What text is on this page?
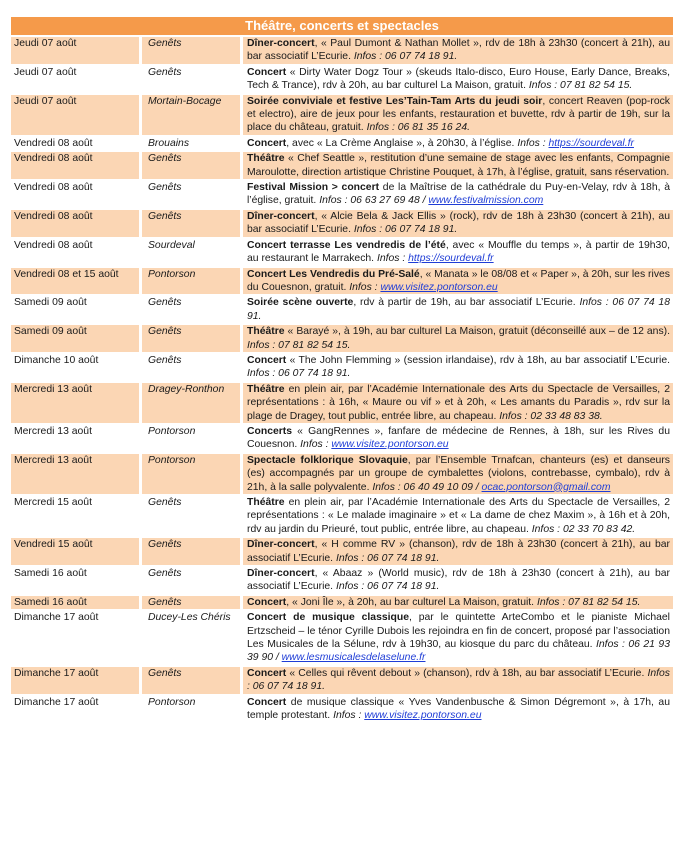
Théâtre, concerts et spectacles
Jeudi 07 août	Genêts	Dîner-concert, « Paul Dumont & Nathan Mollet », rdv de 18h à 23h30 (concert à 21h), au bar associatif L’Ecurie. Infos : 06 07 74 18 91.
Jeudi 07 août	Genêts	Concert « Dirty Water Dogz Tour » (skeuds Italo-disco, Euro House, Early Dance, Breaks, Tech & Trance), rdv à 20h, au bar culturel La Maison, gratuit. Infos : 07 81 82 54 15.
Jeudi 07 août	Mortain-Bocage	Soirée conviviale et festive Les’Tain-Tam Arts du jeudi soir, concert Reaven (pop-rock et electro), aire de jeux pour les enfants, restauration et buvette, rdv à partir de 19h, sur la place du château, gratuit. Infos : 06 81 35 16 24.
Vendredi 08 août	Brouains	Concert, avec « La Crème Anglaise », à 20h30, à l’église. Infos : https://sourdeval.fr
Vendredi 08 août	Genêts	Théâtre « Chef Seattle », restitution d’une semaine de stage avec les enfants, Compagnie Maroulotte, direction artistique Christine Pouquet, à 17h, à l’église, gratuit, sans réservation.
Vendredi 08 août	Genêts	Festival Mission > concert de la Maîtrise de la cathédrale du Puy-en-Velay, rdv à 18h, à l’église, gratuit. Infos : 06 63 27 69 48 / www.festivalmission.com
Vendredi 08 août	Genêts	Dîner-concert, « Alcie Bela & Jack Ellis » (rock), rdv de 18h à 23h30 (concert à 21h), au bar associatif L’Ecurie. Infos : 06 07 74 18 91.
Vendredi 08 août	Sourdeval	Concert terrasse Les vendredis de l’été, avec « Mouffle du temps », à partir de 19h30, au restaurant le Marrakech. Infos : https://sourdeval.fr
Vendredi 08 et 15 août	Pontorson	Concert Les Vendredis du Pré-Salé, « Manata » le 08/08 et « Paper », à 20h, sur les rives du Couesnon, gratuit. Infos : www.visitez.pontorson.eu
Samedi 09 août	Genêts	Soirée scène ouverte, rdv à partir de 19h, au bar associatif L’Ecurie. Infos : 06 07 74 18 91.
Samedi 09 août	Genêts	Théâtre « Barayé », à 19h, au bar culturel La Maison, gratuit (déconseillé aux – de 12 ans). Infos : 07 81 82 54 15.
Dimanche 10 août	Genêts	Concert « The John Flemming » (session irlandaise), rdv à 18h, au bar associatif L’Ecurie. Infos : 06 07 74 18 91.
Mercredi 13 août	Dragey-Ronthon	Théâtre en plein air, par l’Académie Internationale des Arts du Spectacle de Versailles, 2 représentations : à 16h, « Maure ou vif » et à 20h, « Les amants du Paradis », rdv sur la plage de Dragey, tout public, entrée libre, au chapeau. Infos : 02 33 48 83 38.
Mercredi 13 août	Pontorson	Concerts « GangRennes », fanfare de médecine de Rennes, à 18h, sur les Rives du Couesnon. Infos : www.visitez.pontorson.eu
Mercredi 13 août	Pontorson	Spectacle folklorique Slovaquie, par l’Ensemble Trnafcan, chanteurs (es) et danseurs (es) accompagnés par un groupe de cymbalettes (violons, contrebasse, cymbalo), rdv à 21h, à la salle polyvalente. Infos : 06 40 49 10 09 / ocac.pontorson@gmail.com
Mercredi 15 août	Genêts	Théâtre en plein air, par l’Académie Internationale des Arts du Spectacle de Versailles, 2 représentations : « Le malade imaginaire » et « La dame de chez Maxim », à 16h et à 20h, rdv au jardin du Prieuré, tout public, entrée libre, au chapeau. Infos : 02 33 70 83 42.
Vendredi 15 août	Genêts	Dîner-concert, « H comme RV » (chanson), rdv de 18h à 23h30 (concert à 21h), au bar associatif L’Ecurie. Infos : 06 07 74 18 91.
Samedi 16 août	Genêts	Dîner-concert, « Abaaz » (World music), rdv de 18h à 23h30 (concert à 21h), au bar associatif L’Ecurie. Infos : 06 07 74 18 91.
Samedi 16 août	Genêts	Concert, « Joni Île », à 20h, au bar culturel La Maison, gratuit. Infos : 07 81 82 54 15.
Dimanche 17 août	Ducey-Les Chéris	Concert de musique classique, par le quintette ArteCombo et le pianiste Michael Ertzscheid – le ténor Cyrille Dubois les rejoindra en fin de concert, proposé par l’association Les Musicales de la Sélune, rdv à 19h30, au kiosque du parc du château. Infos : 06 21 93 39 90 / www.lesmusicalesdelaselune.fr
Dimanche 17 août	Genêts	Concert « Celles qui rêvent debout » (chanson), rdv à 18h, au bar associatif L’Ecurie. Infos : 06 07 74 18 91.
Dimanche 17 août	Pontorson	Concert de musique classique « Yves Vandenbusche & Simon Dégremont », à 17h, au temple protestant. Infos : www.visitez.pontorson.eu
